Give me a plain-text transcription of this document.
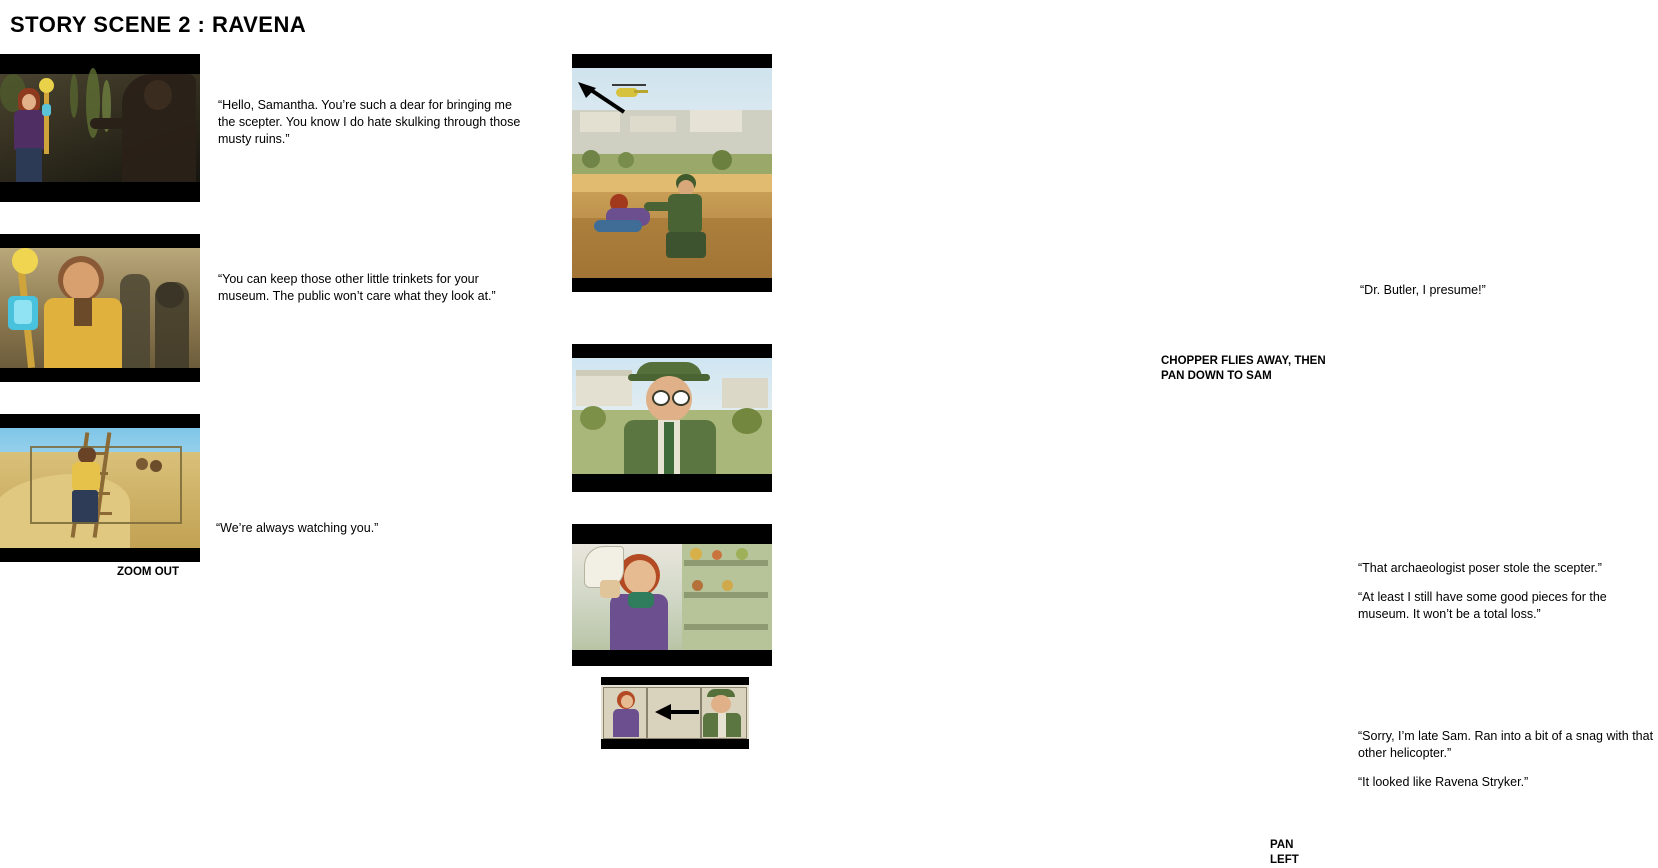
STORY SCENE 2 : RAVENA

“Hello, Samantha. You’re such a dear for bringing me the scepter. You know I do hate skulking through those musty ruins.”

“You can keep those other little trinkets for your museum. The public won’t care what they look at.”

ZOOM OUT

“We’re always watching you.”

CHOPPER FLIES AWAY, THEN PAN DOWN TO SAM

“Dr. Butler, I presume!”

PAN LEFT

“Sorry, I’m late Sam. Ran into a bit of a snag with that other helicopter.”

“It looked like Ravena Stryker.”

“That archaeologist poser stole the scepter.”

“At least I still have some good pieces for the museum. It won’t be a total loss.”
